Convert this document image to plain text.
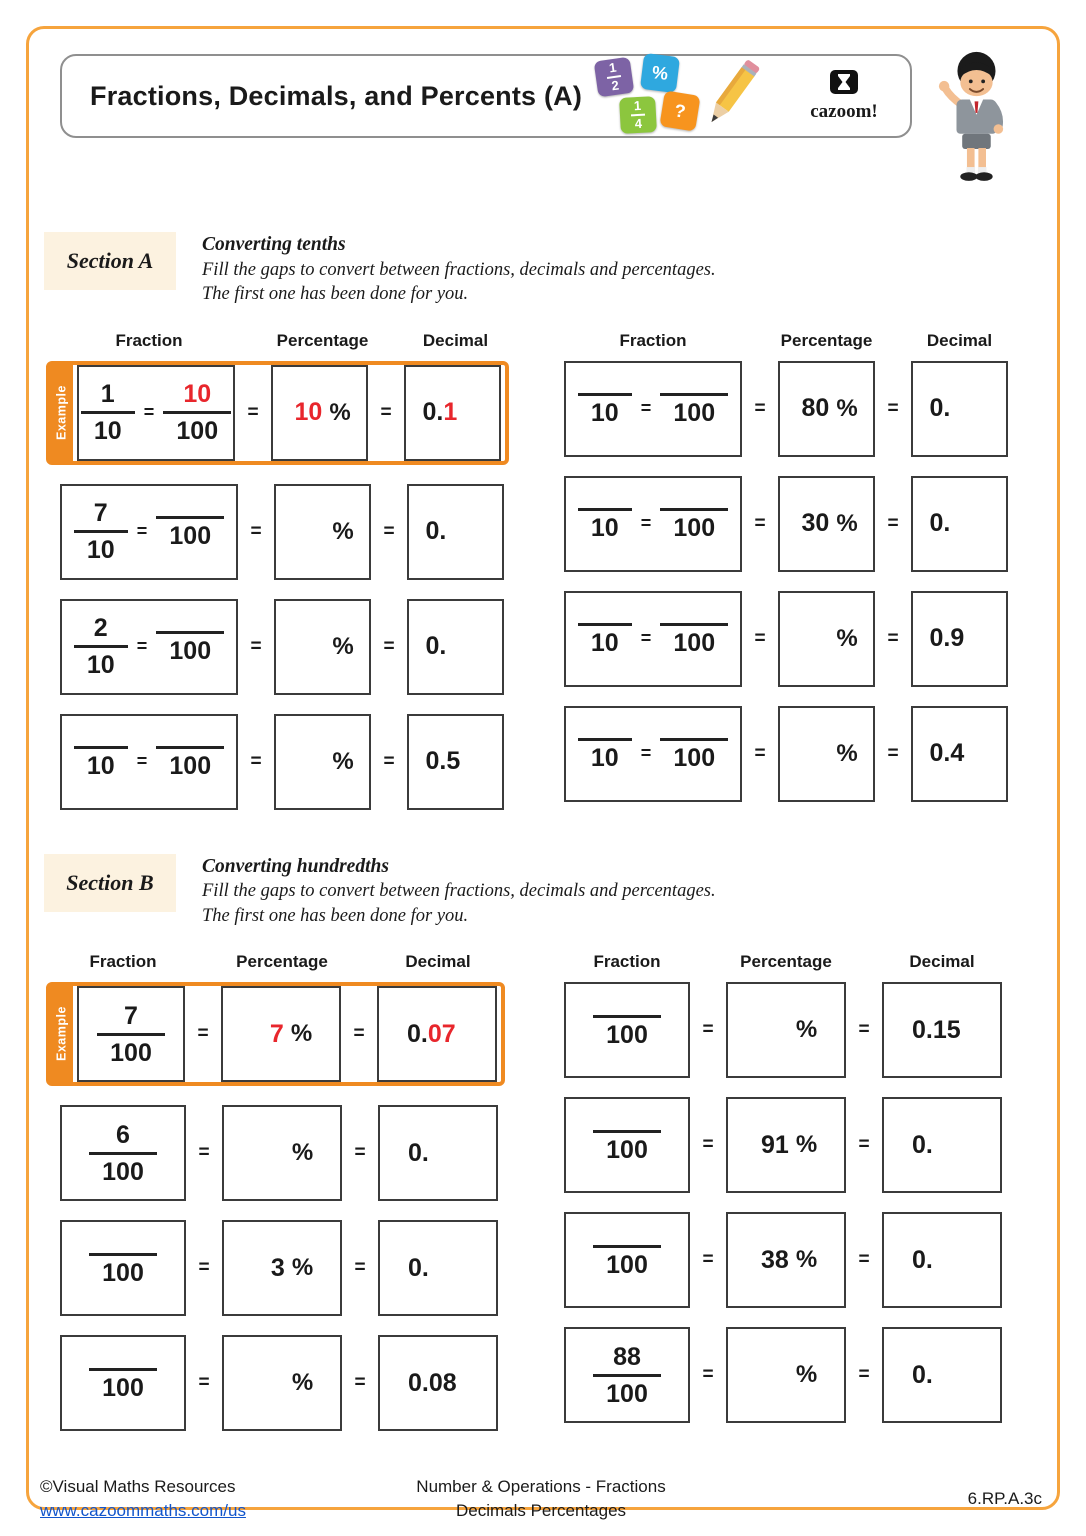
Fractions, Decimals, and Percents (A)
1
2
%
1
4
?	cazoom!
Section A
Converting tenths
Fill the gaps to convert between fractions, decimals and percentages.
The first one has been done for you.
Fraction	Percentage	Decimal
Example $\frac{1}{10} = \frac{10}{100}$ =	10 %	=	0.1
$\frac{7}{10} = 100$	=	%	=	0.
$\frac{2}{10} = 100$	=	%	=	0.
10 = 100	=	%	=	0.5
Fraction	Percentage	Decimal
10 = 100	=	80 %	=	0.
10 = 100	=	30 %	=	0.
10 = 100	=	%	=	0.9
10 = 100	=	%	=	0.4
Section B
Converting hundredths
Fill the gaps to convert between fractions, decimals and percentages.
The first one has been done for you.
Fraction	Percentage	Decimal
Example $\frac{7}{100}$	=	7 %	=	0.07
$\frac{6}{100}$	=	%	=	0.
100	=	3 %	=	0.
100	=	%	=	0.08
Fraction	Percentage	Decimal
100	=	%	=	0.15
100	=	91 %	=	0.
100	=	38 %	=	0.
$\frac{88}{100}$	=	%	=	0.
©Visual Maths Resources
www.cazoommaths.com/us
Number & Operations - Fractions
Decimals Percentages
6.RP.A.3c
